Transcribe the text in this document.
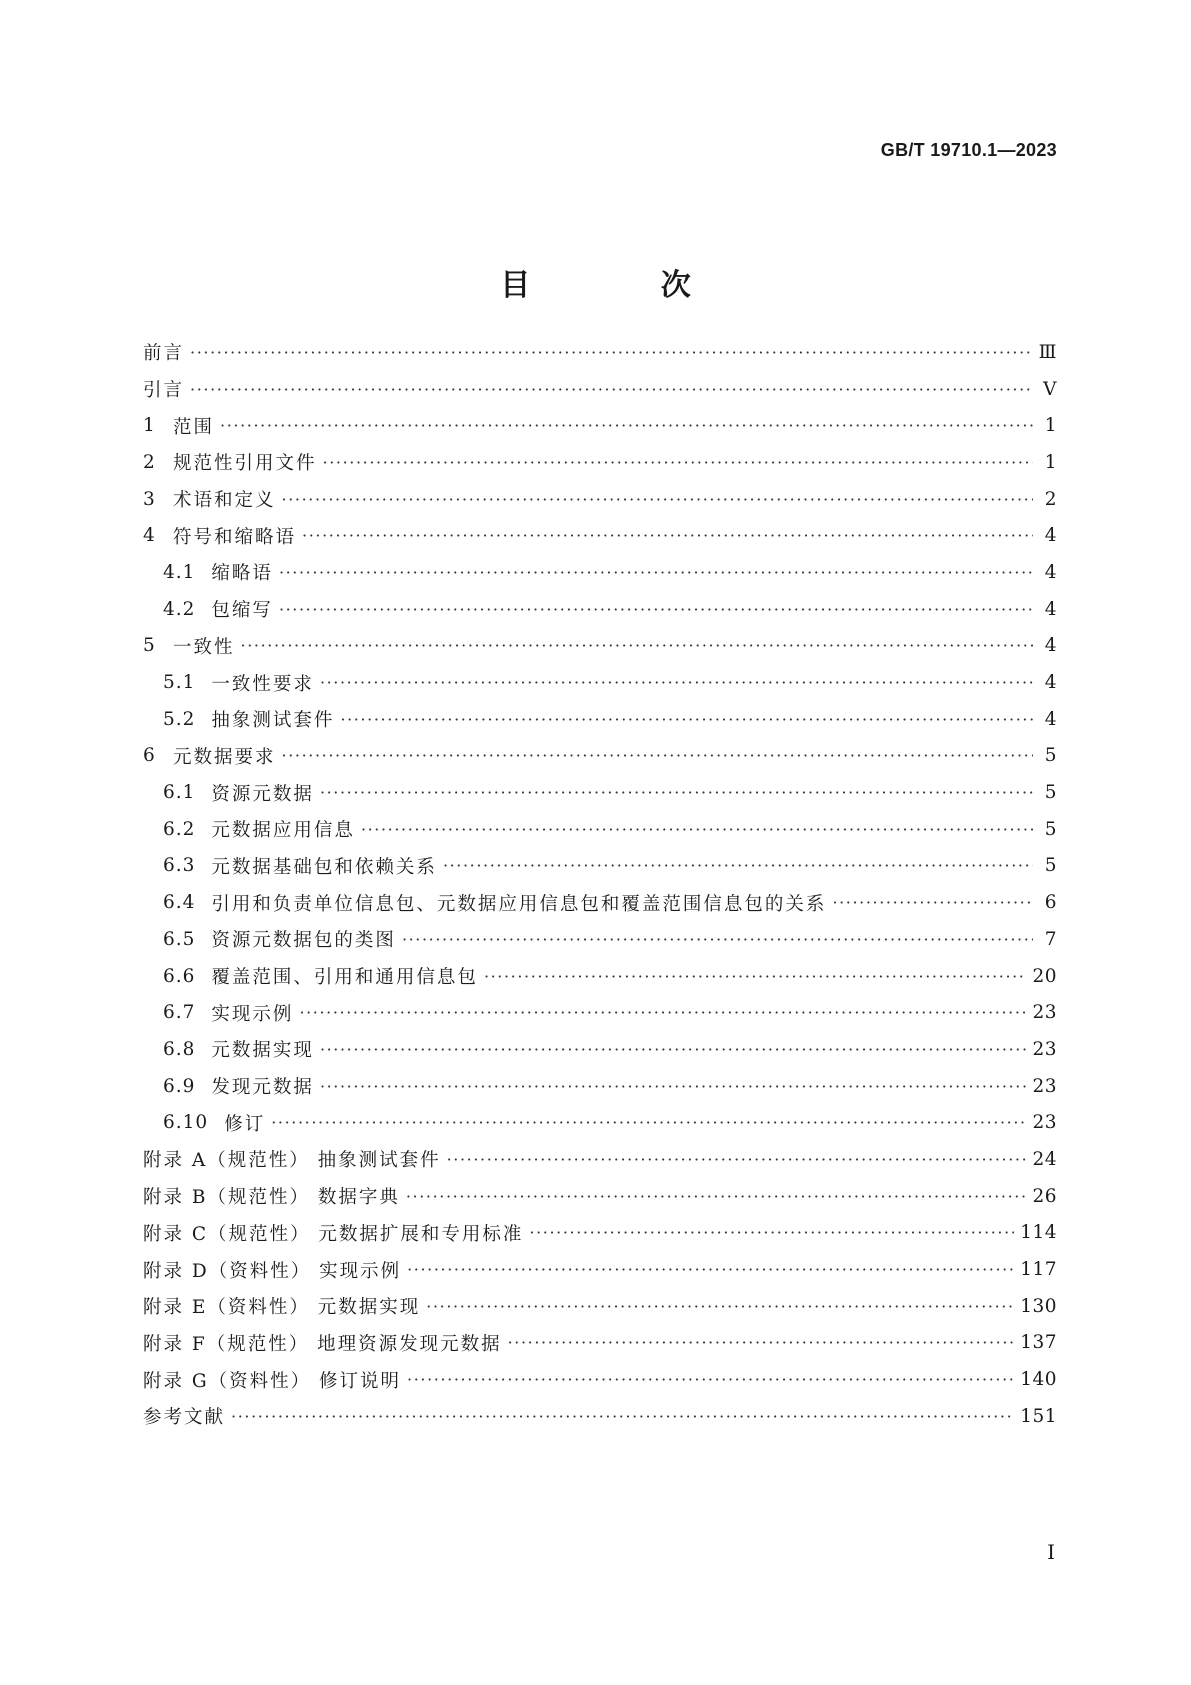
GB/T 19710.1—2023
目 次
前言 ·····	Ⅲ
引言 ·····	Ⅴ
1 范围 ·····	1
2 规范性引用文件 ·····	1
3 术语和定义 ·····	2
4 符号和缩略语 ·····	4
4.1 缩略语 ·····	4
4.2 包缩写 ·····	4
5 一致性 ·····	4
5.1 一致性要求 ·····	4
5.2 抽象测试套件 ·····	4
6 元数据要求 ·····	5
6.1 资源元数据 ·····	5
6.2 元数据应用信息 ·····	5
6.3 元数据基础包和依赖关系 ·····	5
6.4 引用和负责单位信息包、元数据应用信息包和覆盖范围信息包的关系 ·····	6
6.5 资源元数据包的类图 ·····	7
6.6 覆盖范围、引用和通用信息包 ·····	20
6.7 实现示例 ·····	23
6.8 元数据实现 ·····	23
6.9 发现元数据 ·····	23
6.10 修订 ·····	23
附录 A（规范性） 抽象测试套件 ·····	24
附录 B（规范性） 数据字典 ·····	26
附录 C（规范性） 元数据扩展和专用标准 ·····	114
附录 D（资料性） 实现示例 ·····	117
附录 E（资料性） 元数据实现 ·····	130
附录 F（规范性） 地理资源发现元数据 ·····	137
附录 G（资料性） 修订说明 ·····	140
参考文献 ·····	151
Ⅰ
